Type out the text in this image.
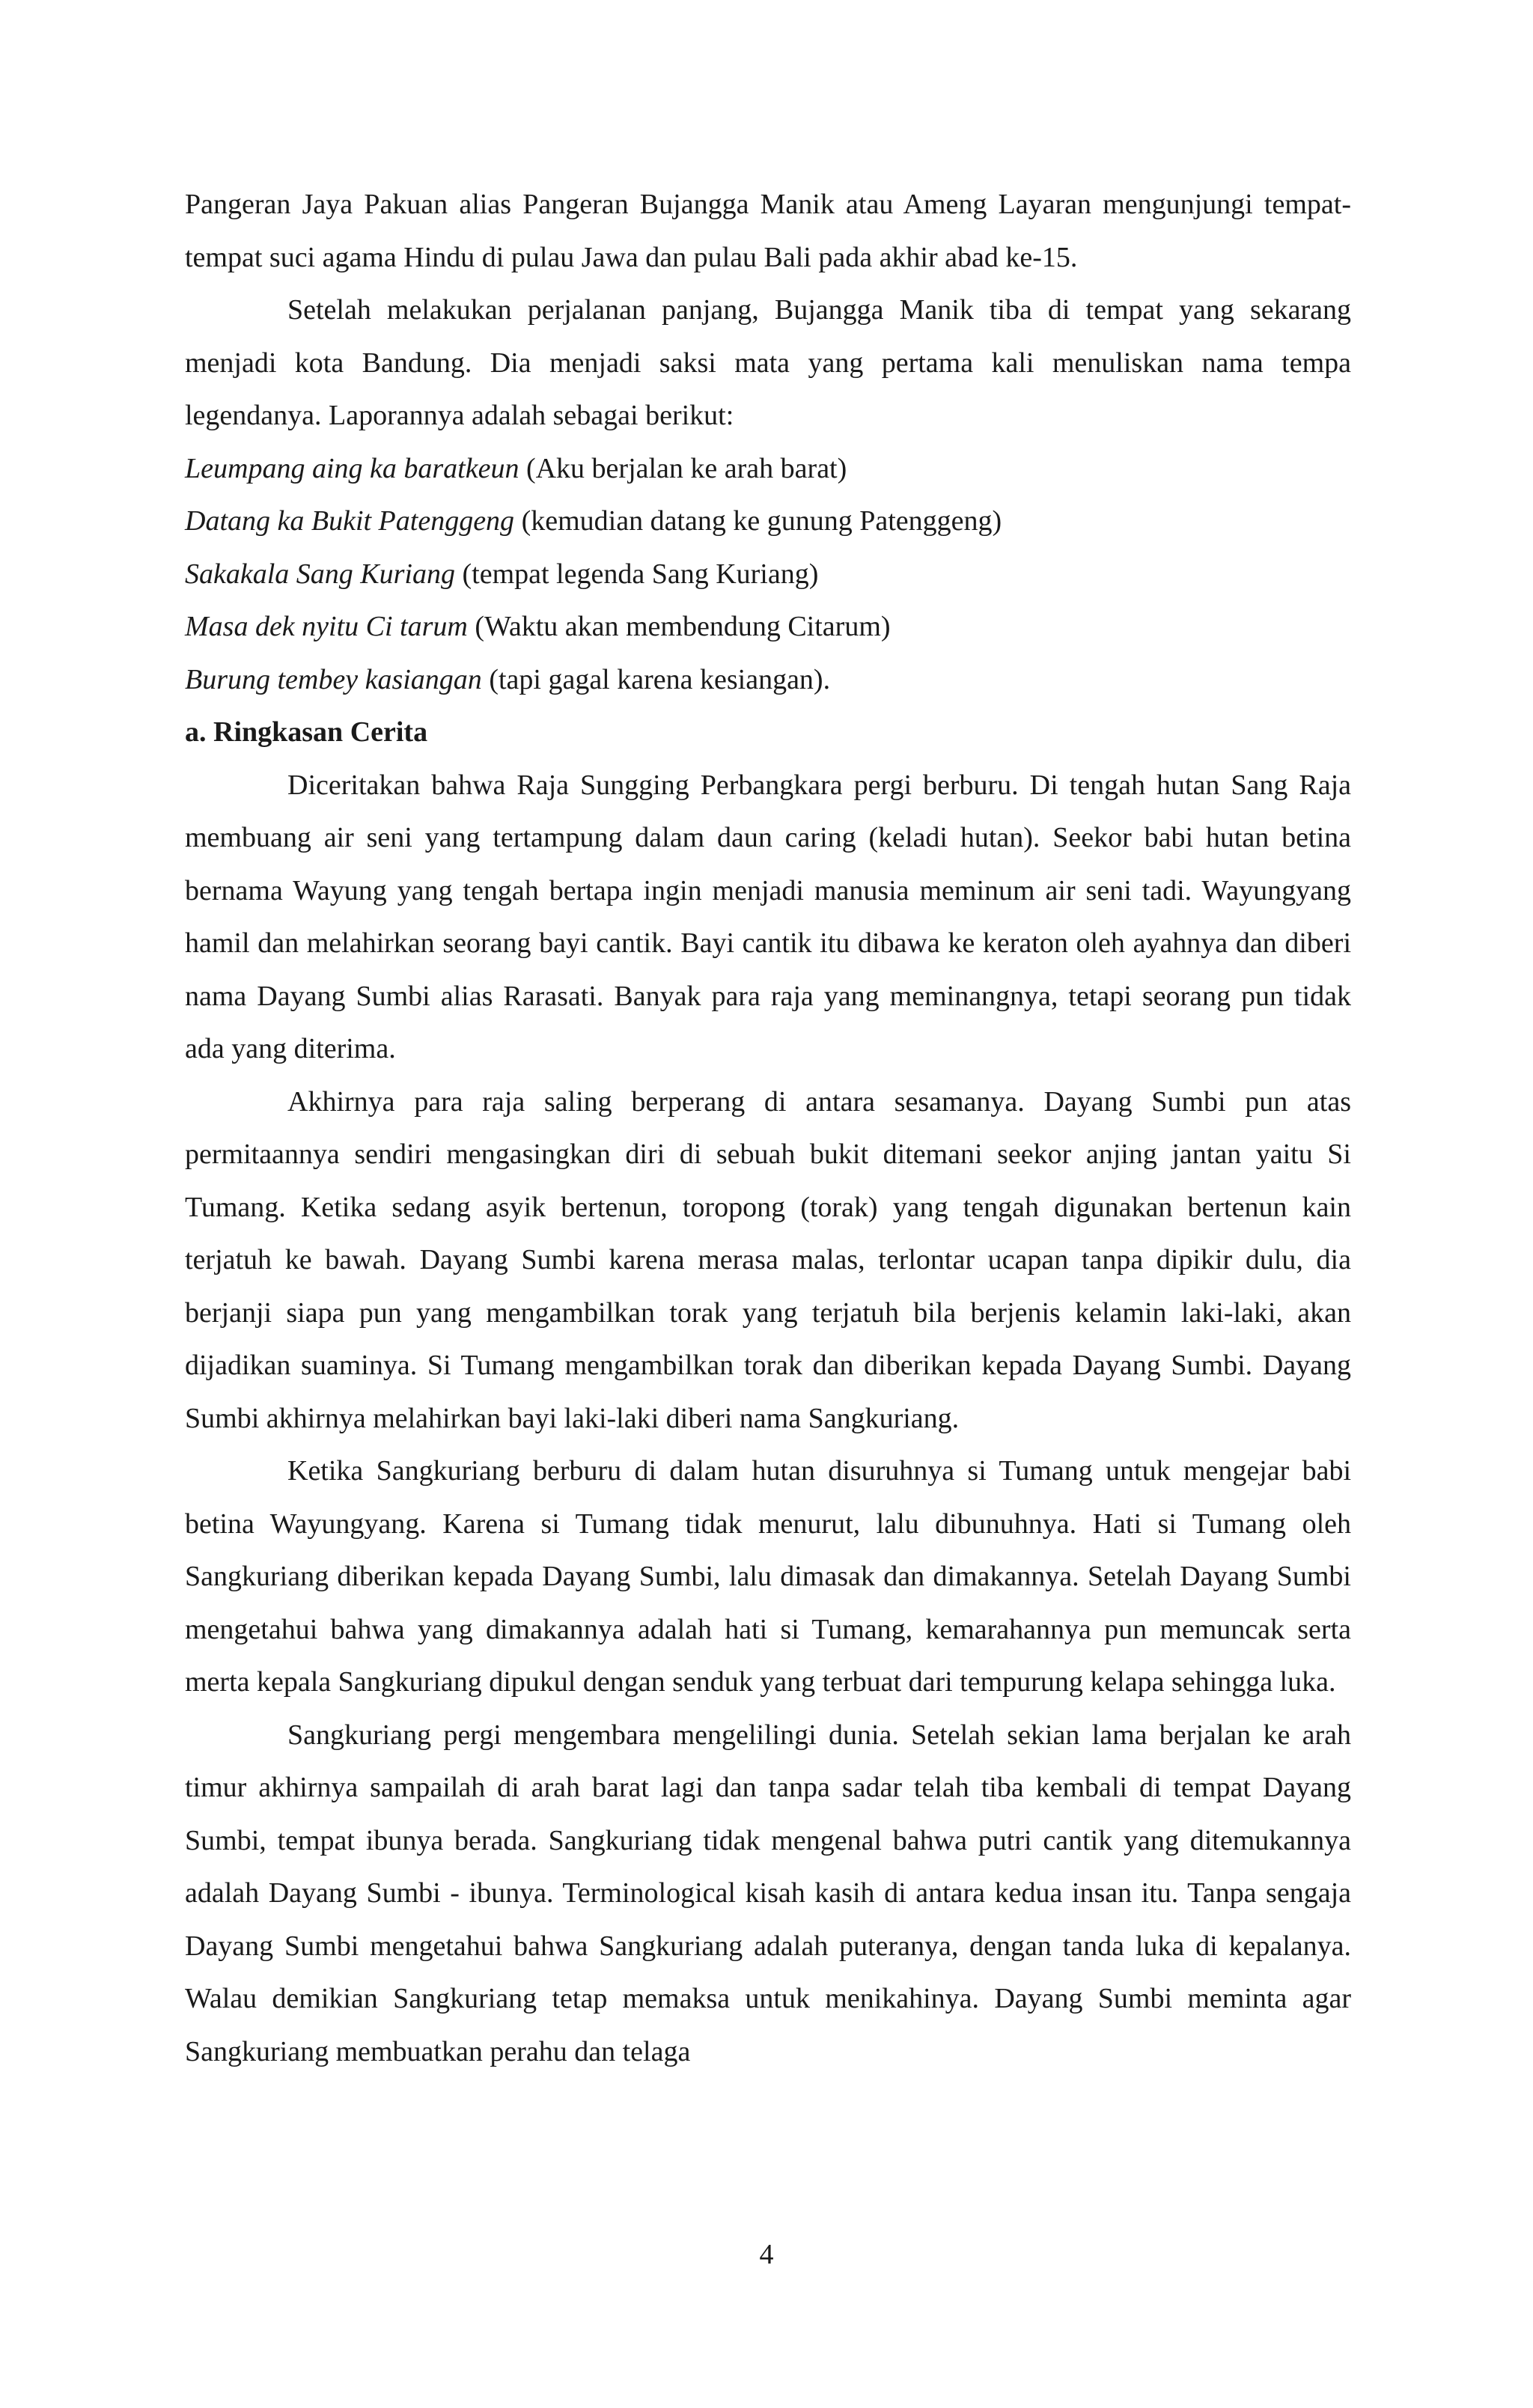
Pangeran Jaya Pakuan alias Pangeran Bujangga Manik atau Ameng Layaran mengunjungi tempat-tempat suci agama Hindu di pulau Jawa dan pulau Bali pada akhir abad ke-15.

Setelah melakukan perjalanan panjang, Bujangga Manik tiba di tempat yang sekarang menjadi kota Bandung. Dia menjadi saksi mata yang pertama kali menuliskan nama tempa legendanya. Laporannya adalah sebagai berikut:

Leumpang aing ka baratkeun (Aku berjalan ke arah barat)

Datang ka Bukit Patenggeng (kemudian datang ke gunung Patenggeng)

Sakakala Sang Kuriang (tempat legenda Sang Kuriang)

Masa dek nyitu Ci tarum (Waktu akan membendung Citarum)

Burung tembey kasiangan (tapi gagal karena kesiangan).

a. Ringkasan Cerita

Diceritakan bahwa Raja Sungging Perbangkara pergi berburu. Di tengah hutan Sang Raja membuang air seni yang tertampung dalam daun caring (keladi hutan). Seekor babi hutan betina bernama Wayung yang tengah bertapa ingin menjadi manusia meminum air seni tadi. Wayungyang hamil dan melahirkan seorang bayi cantik. Bayi cantik itu dibawa ke keraton oleh ayahnya dan diberi nama Dayang Sumbi alias Rarasati. Banyak para raja yang meminangnya, tetapi seorang pun tidak ada yang diterima.

Akhirnya para raja saling berperang di antara sesamanya. Dayang Sumbi pun atas permitaannya sendiri mengasingkan diri di sebuah bukit ditemani seekor anjing jantan yaitu Si Tumang. Ketika sedang asyik bertenun, toropong (torak) yang tengah digunakan bertenun kain terjatuh ke bawah. Dayang Sumbi karena merasa malas, terlontar ucapan tanpa dipikir dulu, dia berjanji siapa pun yang mengambilkan torak yang terjatuh bila berjenis kelamin laki-laki, akan dijadikan suaminya. Si Tumang mengambilkan torak dan diberikan kepada Dayang Sumbi. Dayang Sumbi akhirnya melahirkan bayi laki-laki diberi nama Sangkuriang.

Ketika Sangkuriang berburu di dalam hutan disuruhnya si Tumang untuk mengejar babi betina Wayungyang. Karena si Tumang tidak menurut, lalu dibunuhnya. Hati si Tumang oleh Sangkuriang diberikan kepada Dayang Sumbi, lalu dimasak dan dimakannya. Setelah Dayang Sumbi mengetahui bahwa yang dimakannya adalah hati si Tumang, kemarahannya pun memuncak serta merta kepala Sangkuriang dipukul dengan senduk yang terbuat dari tempurung kelapa sehingga luka.

Sangkuriang pergi mengembara mengelilingi dunia. Setelah sekian lama berjalan ke arah timur akhirnya sampailah di arah barat lagi dan tanpa sadar telah tiba kembali di tempat Dayang Sumbi, tempat ibunya berada. Sangkuriang tidak mengenal bahwa putri cantik yang ditemukannya adalah Dayang Sumbi - ibunya. Terminological kisah kasih di antara kedua insan itu. Tanpa sengaja Dayang Sumbi mengetahui bahwa Sangkuriang adalah puteranya, dengan tanda luka di kepalanya. Walau demikian Sangkuriang tetap memaksa untuk menikahinya. Dayang Sumbi meminta agar Sangkuriang membuatkan perahu dan telaga

4
